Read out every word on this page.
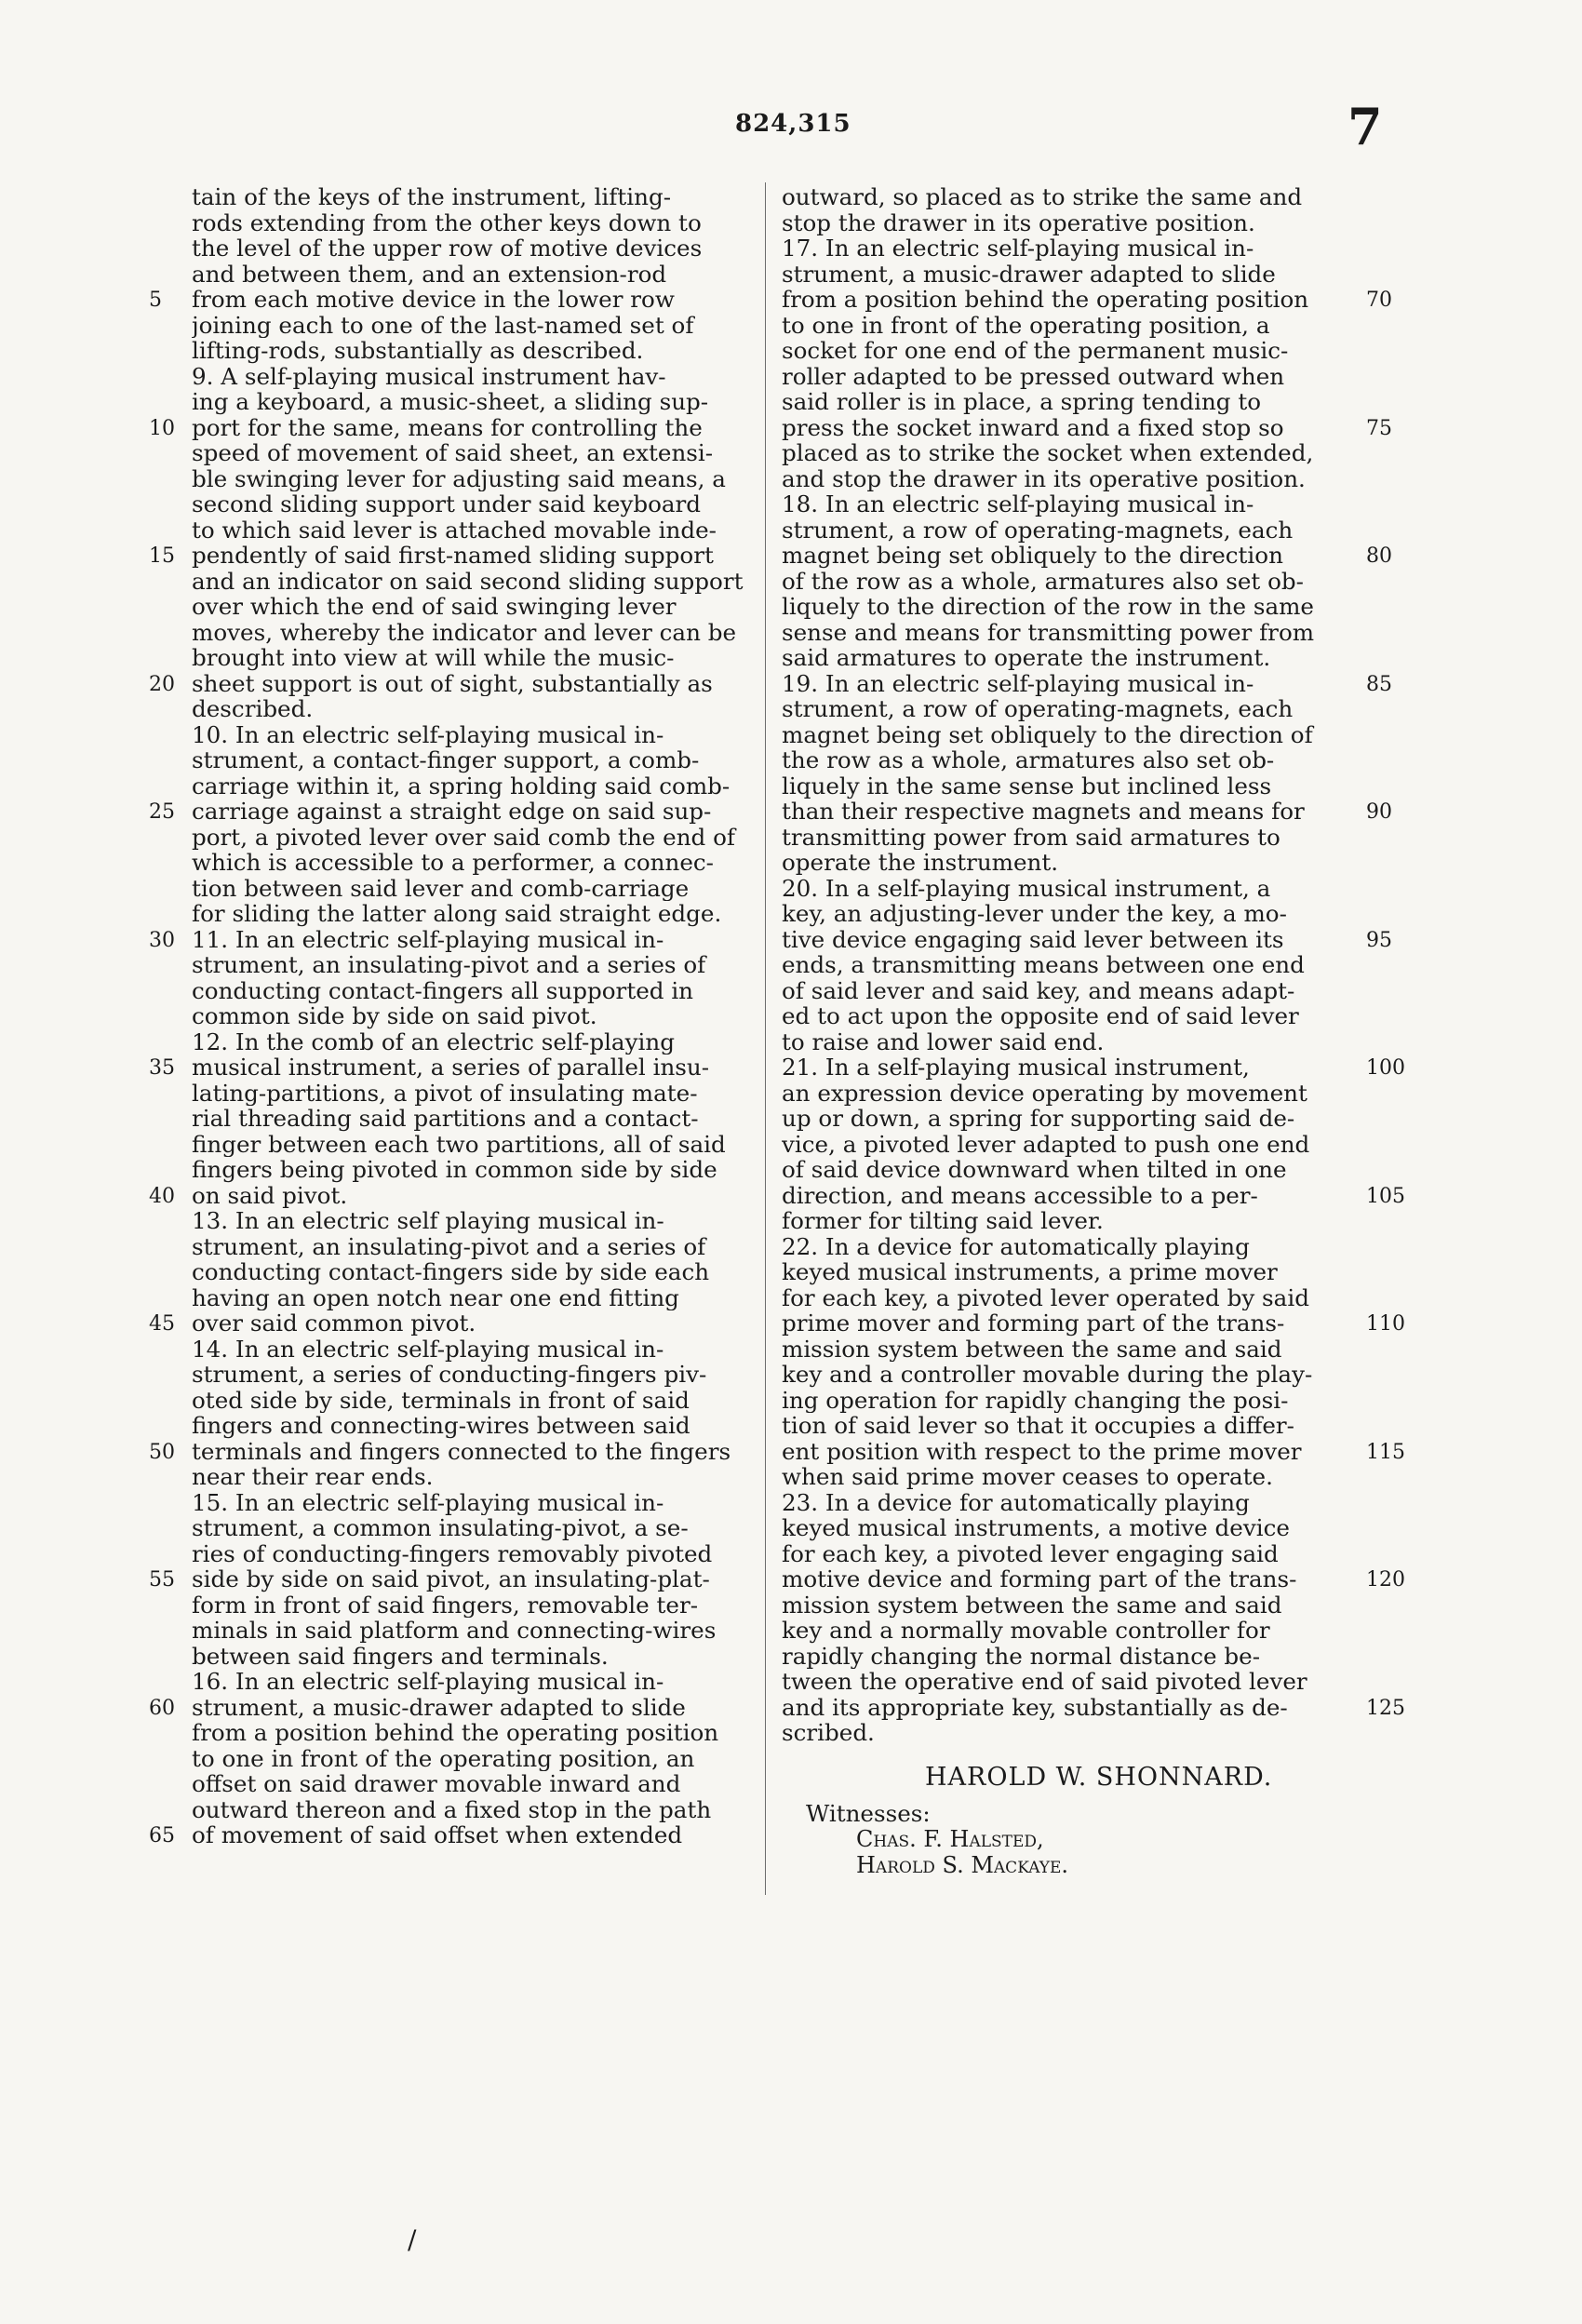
824,315	7
tain of the keys of the instrument, lifting-
rods extending from the other keys down to
the level of the upper row of motive devices
and between them, and an extension-rod
from each motive device in the lower row
joining each to one of the last-named set of
lifting-rods, substantially as described.
9. A self-playing musical instrument hav-
ing a keyboard, a music-sheet, a sliding sup-
port for the same, means for controlling the
speed of movement of said sheet, an extensi-
ble swinging lever for adjusting said means, a
second sliding support under said keyboard
to which said lever is attached movable inde-
pendently of said first-named sliding support
and an indicator on said second sliding support
over which the end of said swinging lever
moves, whereby the indicator and lever can be
brought into view at will while the music-
sheet support is out of sight, substantially as
described.
10. In an electric self-playing musical in-
strument, a contact-finger support, a comb-
carriage within it, a spring holding said comb-
carriage against a straight edge on said sup-
port, a pivoted lever over said comb the end of
which is accessible to a performer, a connec-
tion between said lever and comb-carriage
for sliding the latter along said straight edge.
11. In an electric self-playing musical in-
strument, an insulating-pivot and a series of
conducting contact-fingers all supported in
common side by side on said pivot.
12. In the comb of an electric self-playing
musical instrument, a series of parallel insu-
lating-partitions, a pivot of insulating mate-
rial threading said partitions and a contact-
finger between each two partitions, all of said
fingers being pivoted in common side by side
on said pivot.
13. In an electric self playing musical in-
strument, an insulating-pivot and a series of
conducting contact-fingers side by side each
having an open notch near one end fitting
over said common pivot.
14. In an electric self-playing musical in-
strument, a series of conducting-fingers piv-
oted side by side, terminals in front of said
fingers and connecting-wires between said
terminals and fingers connected to the fingers
near their rear ends.
15. In an electric self-playing musical in-
strument, a common insulating-pivot, a se-
ries of conducting-fingers removably pivoted
side by side on said pivot, an insulating-plat-
form in front of said fingers, removable ter-
minals in said platform and connecting-wires
between said fingers and terminals.
16. In an electric self-playing musical in-
strument, a music-drawer adapted to slide
from a position behind the operating position
to one in front of the operating position, an
offset on said drawer movable inward and
outward thereon and a fixed stop in the path
of movement of said offset when extended
outward, so placed as to strike the same and
stop the drawer in its operative position.
17. In an electric self-playing musical in-
strument, a music-drawer adapted to slide
from a position behind the operating position
to one in front of the operating position, a
socket for one end of the permanent music-
roller adapted to be pressed outward when
said roller is in place, a spring tending to
press the socket inward and a fixed stop so
placed as to strike the socket when extended,
and stop the drawer in its operative position.
18. In an electric self-playing musical in-
strument, a row of operating-magnets, each
magnet being set obliquely to the direction
of the row as a whole, armatures also set ob-
liquely to the direction of the row in the same
sense and means for transmitting power from
said armatures to operate the instrument.
19. In an electric self-playing musical in-
strument, a row of operating-magnets, each
magnet being set obliquely to the direction of
the row as a whole, armatures also set ob-
liquely in the same sense but inclined less
than their respective magnets and means for
transmitting power from said armatures to
operate the instrument.
20. In a self-playing musical instrument, a
key, an adjusting-lever under the key, a mo-
tive device engaging said lever between its
ends, a transmitting means between one end
of said lever and said key, and means adapt-
ed to act upon the opposite end of said lever
to raise and lower said end.
21. In a self-playing musical instrument,
an expression device operating by movement
up or down, a spring for supporting said de-
vice, a pivoted lever adapted to push one end
of said device downward when tilted in one
direction, and means accessible to a per-
former for tilting said lever.
22. In a device for automatically playing
keyed musical instruments, a prime mover
for each key, a pivoted lever operated by said
prime mover and forming part of the trans-
mission system between the same and said
key and a controller movable during the play-
ing operation for rapidly changing the posi-
tion of said lever so that it occupies a differ-
ent position with respect to the prime mover
when said prime mover ceases to operate.
23. In a device for automatically playing
keyed musical instruments, a motive device
for each key, a pivoted lever engaging said
motive device and forming part of the trans-
mission system between the same and said
key and a normally movable controller for
rapidly changing the normal distance be-
tween the operative end of said pivoted lever
and its appropriate key, substantially as de-
scribed.
5
10
15
20
25
30
35
40
45
50
55
60
65
70
75
80
85
90
95
100
105
110
115
120
125
HAROLD W. SHONNARD.
Witnesses:
Chas. F. Halsted,
Harold S. Mackaye.
/
